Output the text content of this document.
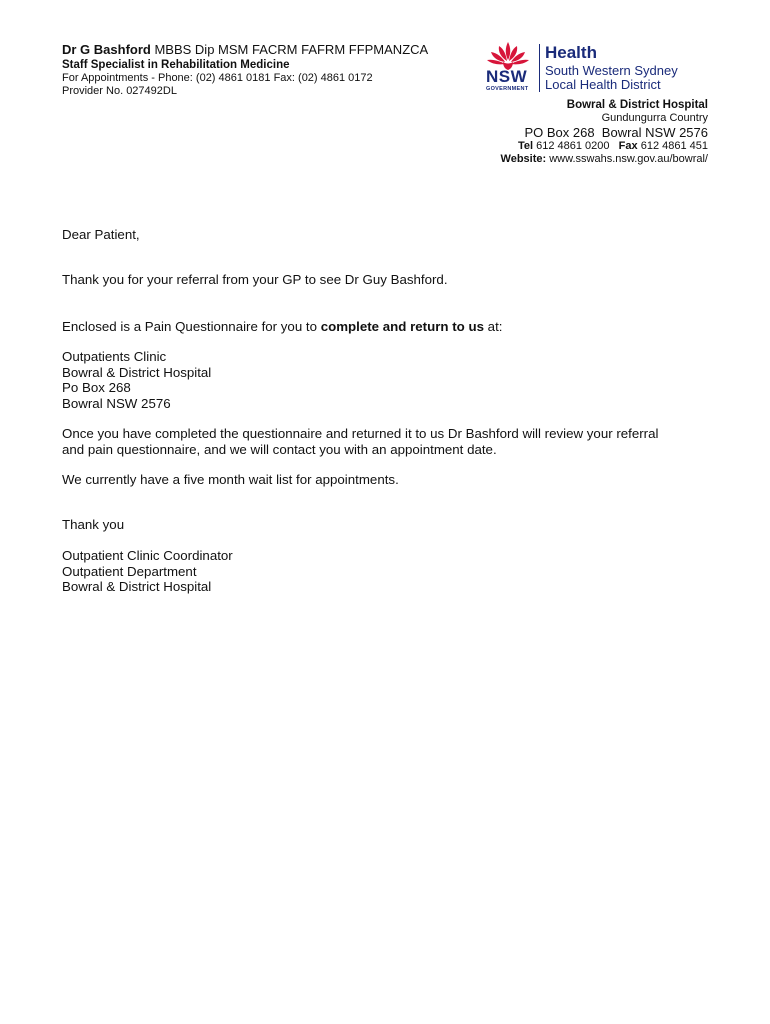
Dr G Bashford MBBS Dip MSM FACRM FAFRM FFPMANZCA
Staff Specialist in Rehabilitation Medicine
For Appointments - Phone: (02) 4861 0181 Fax: (02) 4861 0172
Provider No. 027492DL
NSW
GOVERNMENT
Health
South Western Sydney
Local Health District
Bowral & District Hospital
Gundungurra Country
PO Box 268  Bowral NSW 2576
Tel 612 4861 0200 Fax 612 4861 451
Website: www.sswahs.nsw.gov.au/bowral/
Dear Patient,
Thank you for your referral from your GP to see Dr Guy Bashford.
Enclosed is a Pain Questionnaire for you to complete and return to us at:

Outpatients Clinic

Bowral & District Hospital

Po Box 268

Bowral NSW 2576

Once you have completed the questionnaire and returned it to us Dr Bashford will review your referral

and pain questionnaire, and we will contact you with an appointment date.

We currently have a five month wait list for appointments.
Thank you

Outpatient Clinic Coordinator

Outpatient Department

Bowral & District Hospital
